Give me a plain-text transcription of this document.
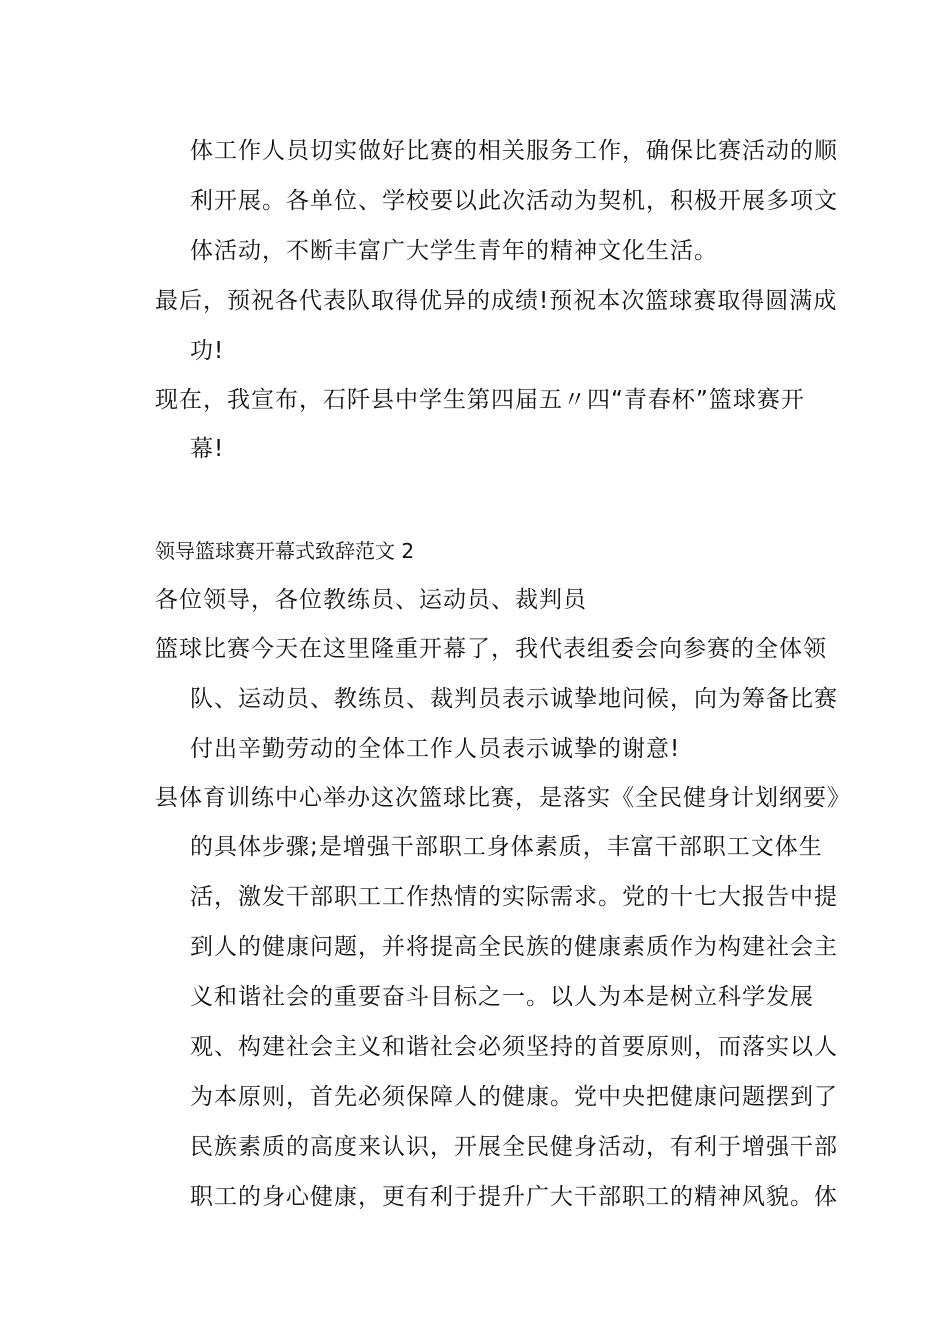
体工作人员切实做好比赛的相关服务工作，确保比赛活动的顺
利开展。各单位、学校要以此次活动为契机，积极开展多项文
体活动，不断丰富广大学生青年的精神文化生活。
最后，预祝各代表队取得优异的成绩!预祝本次篮球赛取得圆满成
功!
现在，我宣布，石阡县中学生第四届五〃四“青春杯”篮球赛开
幕!
领导篮球赛开幕式致辞范文 2
各位领导，各位教练员、运动员、裁判员
篮球比赛今天在这里隆重开幕了，我代表组委会向参赛的全体领
队、运动员、教练员、裁判员表示诚挚地问候，向为筹备比赛
付出辛勤劳动的全体工作人员表示诚挚的谢意!
县体育训练中心举办这次篮球比赛，是落实《全民健身计划纲要》
的具体步骤;是增强干部职工身体素质，丰富干部职工文体生
活，激发干部职工工作热情的实际需求。党的十七大报告中提
到人的健康问题，并将提高全民族的健康素质作为构建社会主
义和谐社会的重要奋斗目标之一。以人为本是树立科学发展
观、构建社会主义和谐社会必须坚持的首要原则，而落实以人
为本原则，首先必须保障人的健康。党中央把健康问题摆到了
民族素质的高度来认识，开展全民健身活动，有利于增强干部
职工的身心健康，更有利于提升广大干部职工的精神风貌。体
